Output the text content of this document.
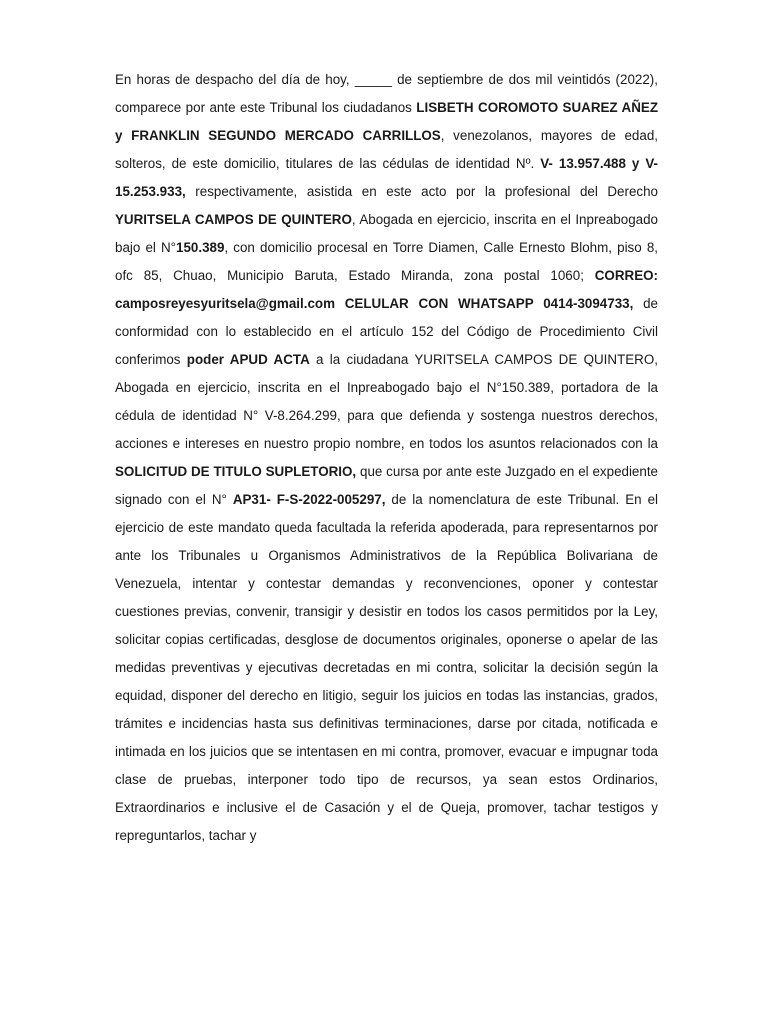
En horas de despacho del día de hoy, _____ de septiembre de dos mil veintidós (2022), comparece por ante este Tribunal los ciudadanos LISBETH COROMOTO SUAREZ AÑEZ y FRANKLIN SEGUNDO MERCADO CARRILLOS, venezolanos, mayores de edad, solteros, de este domicilio, titulares de las cédulas de identidad Nº. V- 13.957.488 y V-15.253.933, respectivamente, asistida en este acto por la profesional del Derecho YURITSELA CAMPOS DE QUINTERO, Abogada en ejercicio, inscrita en el Inpreabogado bajo el N°150.389, con domicilio procesal en Torre Diamen, Calle Ernesto Blohm, piso 8, ofc 85, Chuao, Municipio Baruta, Estado Miranda, zona postal 1060; CORREO: camposreyesyuritsela@gmail.com CELULAR CON WHATSAPP 0414-3094733, de conformidad con lo establecido en el artículo 152 del Código de Procedimiento Civil conferimos poder APUD ACTA a la ciudadana YURITSELA CAMPOS DE QUINTERO, Abogada en ejercicio, inscrita en el Inpreabogado bajo el N°150.389, portadora de la cédula de identidad N° V-8.264.299, para que defienda y sostenga nuestros derechos, acciones e intereses en nuestro propio nombre, en todos los asuntos relacionados con la SOLICITUD DE TITULO SUPLETORIO, que cursa por ante este Juzgado en el expediente signado con el N° AP31- F-S-2022-005297, de la nomenclatura de este Tribunal. En el ejercicio de este mandato queda facultada la referida apoderada, para representarnos por ante los Tribunales u Organismos Administrativos de la República Bolivariana de Venezuela, intentar y contestar demandas y reconvenciones, oponer y contestar cuestiones previas, convenir, transigir y desistir en todos los casos permitidos por la Ley, solicitar copias certificadas, desglose de documentos originales, oponerse o apelar de las medidas preventivas y ejecutivas decretadas en mi contra, solicitar la decisión según la equidad, disponer del derecho en litigio, seguir los juicios en todas las instancias, grados, trámites e incidencias hasta sus definitivas terminaciones, darse por citada, notificada e intimada en los juicios que se intentasen en mi contra, promover, evacuar e impugnar toda clase de pruebas, interponer todo tipo de recursos, ya sean estos Ordinarios, Extraordinarios e inclusive el de Casación y el de Queja, promover, tachar testigos y repreguntarlos, tachar y
